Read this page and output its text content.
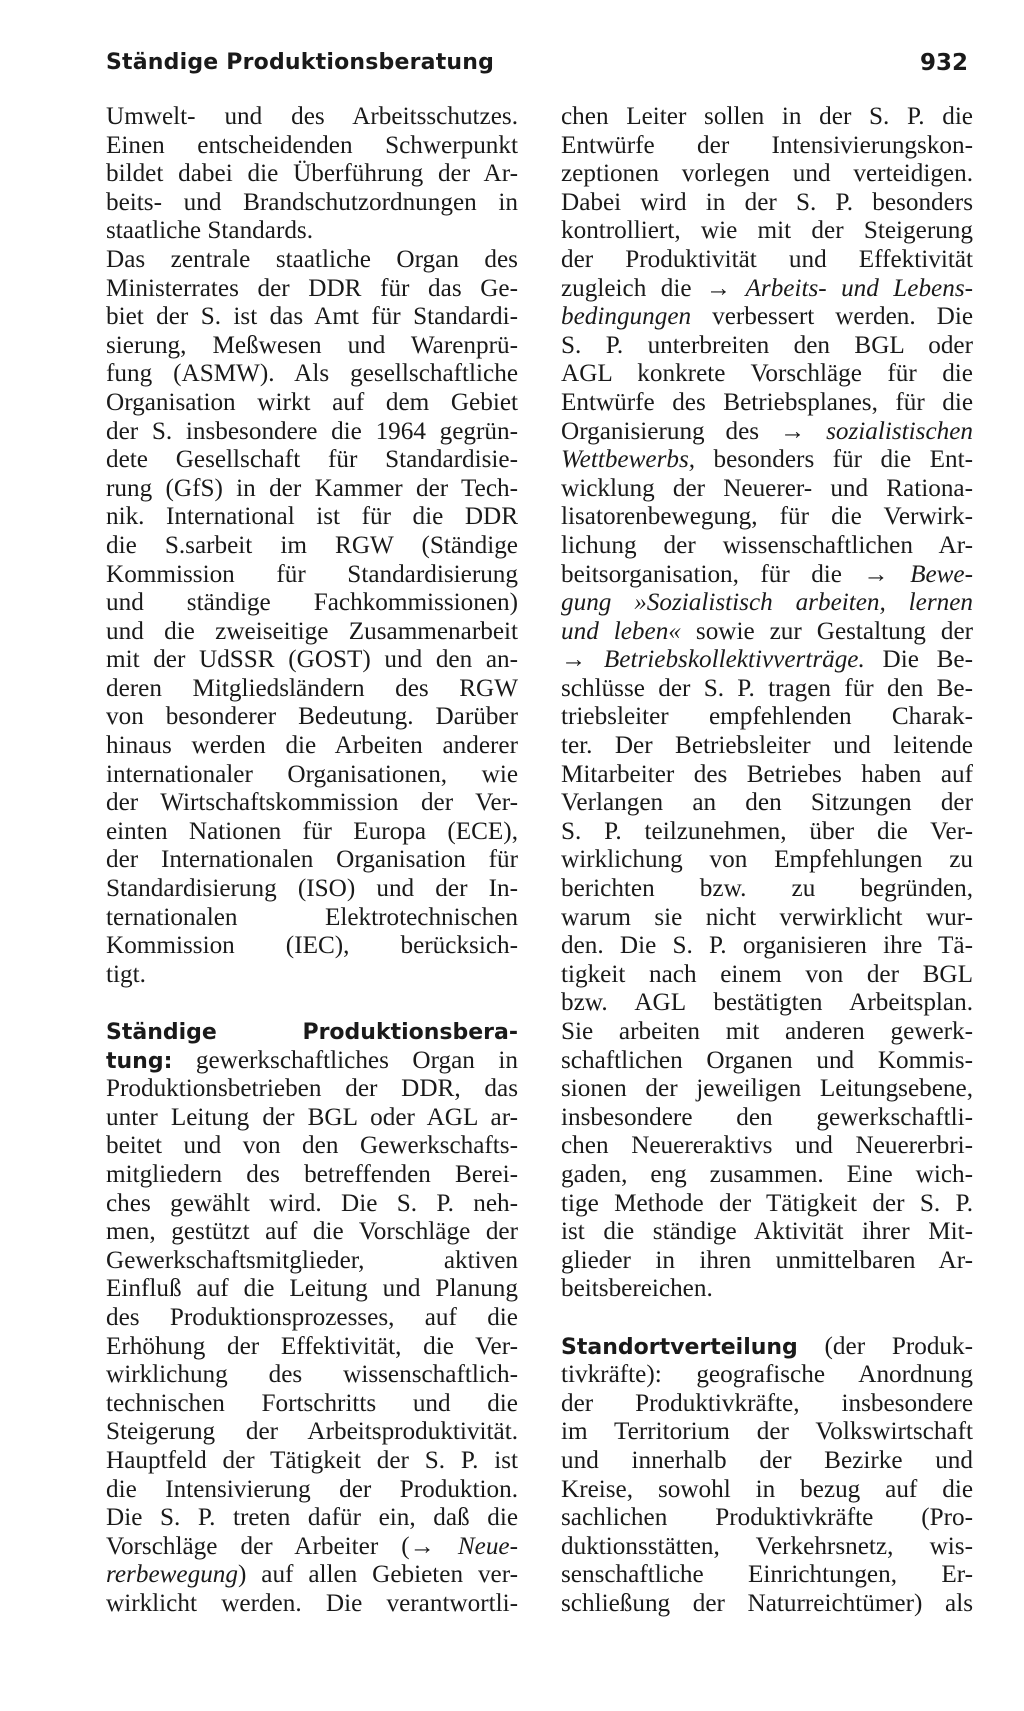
Ständige Produktionsberatung	932
Umwelt- und des Arbeitsschutzes.
Einen entscheidenden Schwerpunkt
bildet dabei die Überführung der Ar-
beits- und Brandschutzordnungen in
staatliche Standards.
Das zentrale staatliche Organ des
Ministerrates der DDR für das Ge-
biet der S. ist das Amt für Standardi-
sierung, Meßwesen und Warenprü-
fung (ASMW). Als gesellschaftliche
Organisation wirkt auf dem Gebiet
der S. insbesondere die 1964 gegrün-
dete Gesellschaft für Standardisie-
rung (GfS) in der Kammer der Tech-
nik. International ist für die DDR
die S.sarbeit im RGW (Ständige
Kommission für Standardisierung
und ständige Fachkommissionen)
und die zweiseitige Zusammenarbeit
mit der UdSSR (GOST) und den an-
deren Mitgliedsländern des RGW
von besonderer Bedeutung. Darüber
hinaus werden die Arbeiten anderer
internationaler Organisationen, wie
der Wirtschaftskommission der Ver-
einten Nationen für Europa (ECE),
der Internationalen Organisation für
Standardisierung (ISO) und der In-
ternationalen Elektrotechnischen
Kommission (IEC), berücksich-
tigt.
Ständige Produktionsbera-
tung: gewerkschaftliches Organ in
Produktionsbetrieben der DDR, das
unter Leitung der BGL oder AGL ar-
beitet und von den Gewerkschafts-
mitgliedern des betreffenden Berei-
ches gewählt wird. Die S. P. neh-
men, gestützt auf die Vorschläge der
Gewerkschaftsmitglieder, aktiven
Einfluß auf die Leitung und Planung
des Produktionsprozesses, auf die
Erhöhung der Effektivität, die Ver-
wirklichung des wissenschaftlich-
technischen Fortschritts und die
Steigerung der Arbeitsproduktivität.
Hauptfeld der Tätigkeit der S. P. ist
die Intensivierung der Produktion.
Die S. P. treten dafür ein, daß die
Vorschläge der Arbeiter (→ Neue-
rerbewegung) auf allen Gebieten ver-
wirklicht werden. Die verantwortli-
chen Leiter sollen in der S. P. die
Entwürfe der Intensivierungskon-
zeptionen vorlegen und verteidigen.
Dabei wird in der S. P. besonders
kontrolliert, wie mit der Steigerung
der Produktivität und Effektivität
zugleich die → Arbeits- und Lebens-
bedingungen verbessert werden. Die
S. P. unterbreiten den BGL oder
AGL konkrete Vorschläge für die
Entwürfe des Betriebsplanes, für die
Organisierung des → sozialistischen
Wettbewerbs, besonders für die Ent-
wicklung der Neuerer- und Rationa-
lisatorenbewegung, für die Verwirk-
lichung der wissenschaftlichen Ar-
beitsorganisation, für die → Bewe-
gung »Sozialistisch arbeiten, lernen
und leben« sowie zur Gestaltung der
→ Betriebskollektivverträge. Die Be-
schlüsse der S. P. tragen für den Be-
triebsleiter empfehlenden Charak-
ter. Der Betriebsleiter und leitende
Mitarbeiter des Betriebes haben auf
Verlangen an den Sitzungen der
S. P. teilzunehmen, über die Ver-
wirklichung von Empfehlungen zu
berichten bzw. zu begründen,
warum sie nicht verwirklicht wur-
den. Die S. P. organisieren ihre Tä-
tigkeit nach einem von der BGL
bzw. AGL bestätigten Arbeitsplan.
Sie arbeiten mit anderen gewerk-
schaftlichen Organen und Kommis-
sionen der jeweiligen Leitungsebene,
insbesondere den gewerkschaftli-
chen Neuereraktivs und Neuererbri-
gaden, eng zusammen. Eine wich-
tige Methode der Tätigkeit der S. P.
ist die ständige Aktivität ihrer Mit-
glieder in ihren unmittelbaren Ar-
beitsbereichen.
Standortverteilung (der Produk-
tivkräfte): geografische Anordnung
der Produktivkräfte, insbesondere
im Territorium der Volkswirtschaft
und innerhalb der Bezirke und
Kreise, sowohl in bezug auf die
sachlichen Produktivkräfte (Pro-
duktionsstätten, Verkehrsnetz, wis-
senschaftliche Einrichtungen, Er-
schließung der Naturreichtümer) als
